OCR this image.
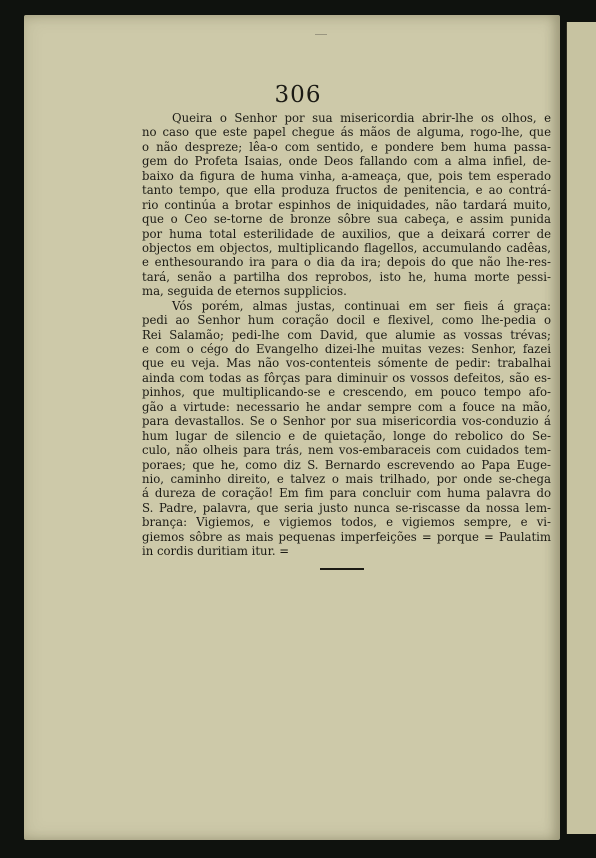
306
Queira o Senhor por sua misericordia abrir-lhe os olhos, e
no caso que este papel chegue ás mãos de alguma, rogo-lhe, que
o não despreze; lêa-o com sentido, e pondere bem huma passa-
gem do Profeta Isaias, onde Deos fallando com a alma infiel, de-
baixo da figura de huma vinha, a-ameaça, que, pois tem esperado
tanto tempo, que ella produza fructos de penitencia, e ao contrá-
rio continúa a brotar espinhos de iniquidades, não tardará muito,
que o Ceo se-torne de bronze sôbre sua cabeça, e assim punida
por huma total esterilidade de auxilios, que a deixará correr de
objectos em objectos, multiplicando flagellos, accumulando cadêas,
e enthesourando ira para o dia da ira; depois do que não lhe-res-
tará, senão a partilha dos reprobos, isto he, huma morte pessi-
ma, seguida de eternos supplicios.
Vós porém, almas justas, continuai em ser fieis á graça:
pedi ao Senhor hum coração docil e flexivel, como lhe-pedia o
Rei Salamão; pedi-lhe com David, que alumie as vossas trévas;
e com o cégo do Evangelho dizei-lhe muitas vezes: Senhor, fazei
que eu veja. Mas não vos-contenteis sómente de pedir: trabalhai
ainda com todas as fôrças para diminuir os vossos defeitos, são es-
pinhos, que multiplicando-se e crescendo, em pouco tempo afo-
gão a virtude: necessario he andar sempre com a fouce na mão,
para devastallos. Se o Senhor por sua misericordia vos-conduzio á
hum lugar de silencio e de quietação, longe do rebolico do Se-
culo, não olheis para trás, nem vos-embaraceis com cuidados tem-
poraes; que he, como diz S. Bernardo escrevendo ao Papa Euge-
nio, caminho direito, e talvez o mais trilhado, por onde se-chega
á dureza de coração! Em fim para concluir com huma palavra do
S. Padre, palavra, que seria justo nunca se-riscasse da nossa lem-
brança: Vigiemos, e vigiemos todos, e vigiemos sempre, e vi-
giemos sôbre as mais pequenas imperfeições = porque = Paulatim
in cordis duritiam itur. =
